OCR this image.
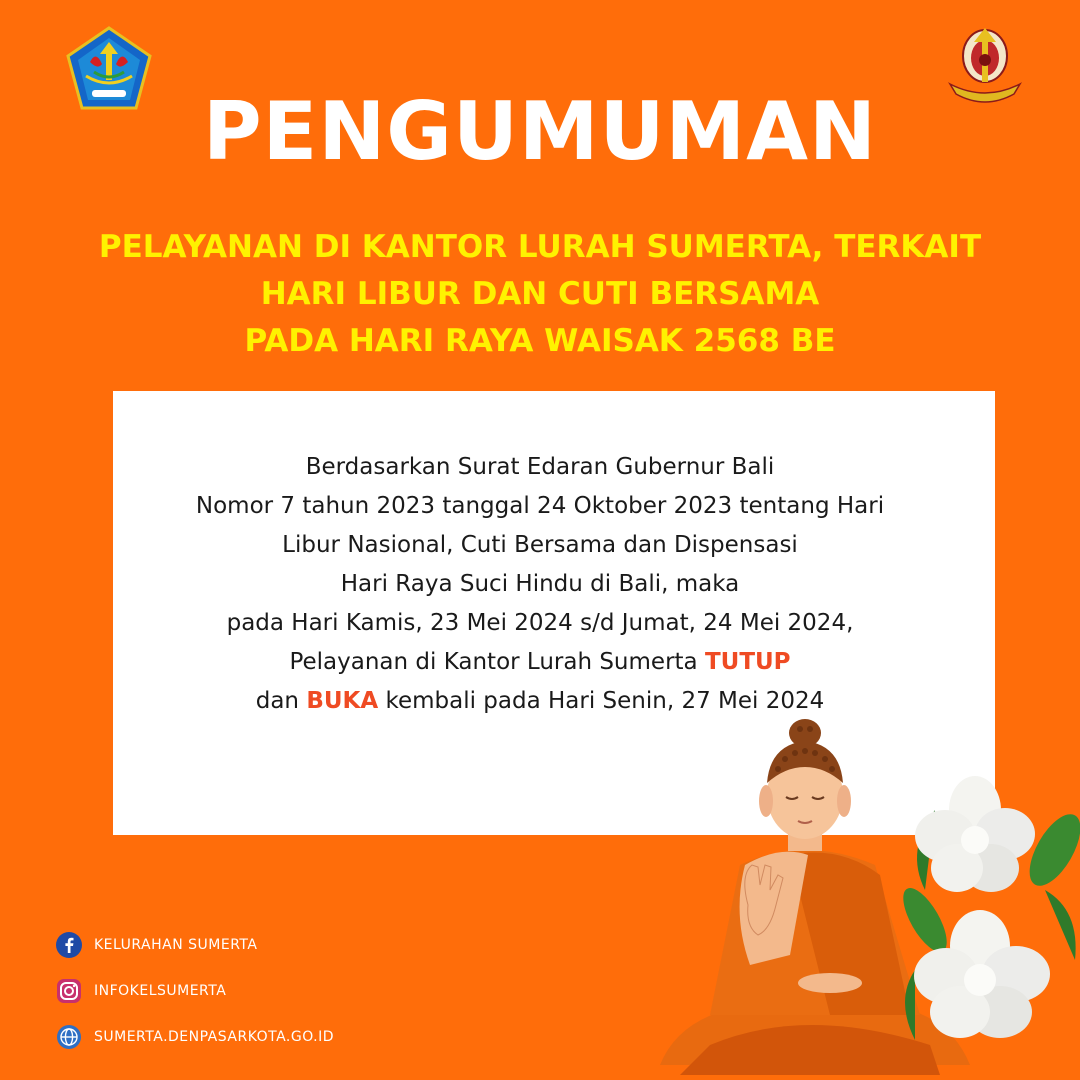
PENGUMUMAN
PELAYANAN DI KANTOR LURAH SUMERTA, TERKAIT
HARI LIBUR DAN CUTI BERSAMA
PADA HARI RAYA WAISAK 2568 BE
Berdasarkan Surat Edaran Gubernur Bali
Nomor 7 tahun 2023 tanggal 24 Oktober 2023 tentang Hari
Libur Nasional, Cuti Bersama dan Dispensasi
Hari Raya Suci Hindu di Bali, maka
pada Hari Kamis, 23 Mei 2024 s/d Jumat, 24 Mei 2024,
Pelayanan di Kantor Lurah Sumerta TUTUP
dan BUKA kembali pada Hari Senin, 27 Mei 2024
KELURAHAN SUMERTA
INFOKELSUMERTA
SUMERTA.DENPASARKOTA.GO.ID
